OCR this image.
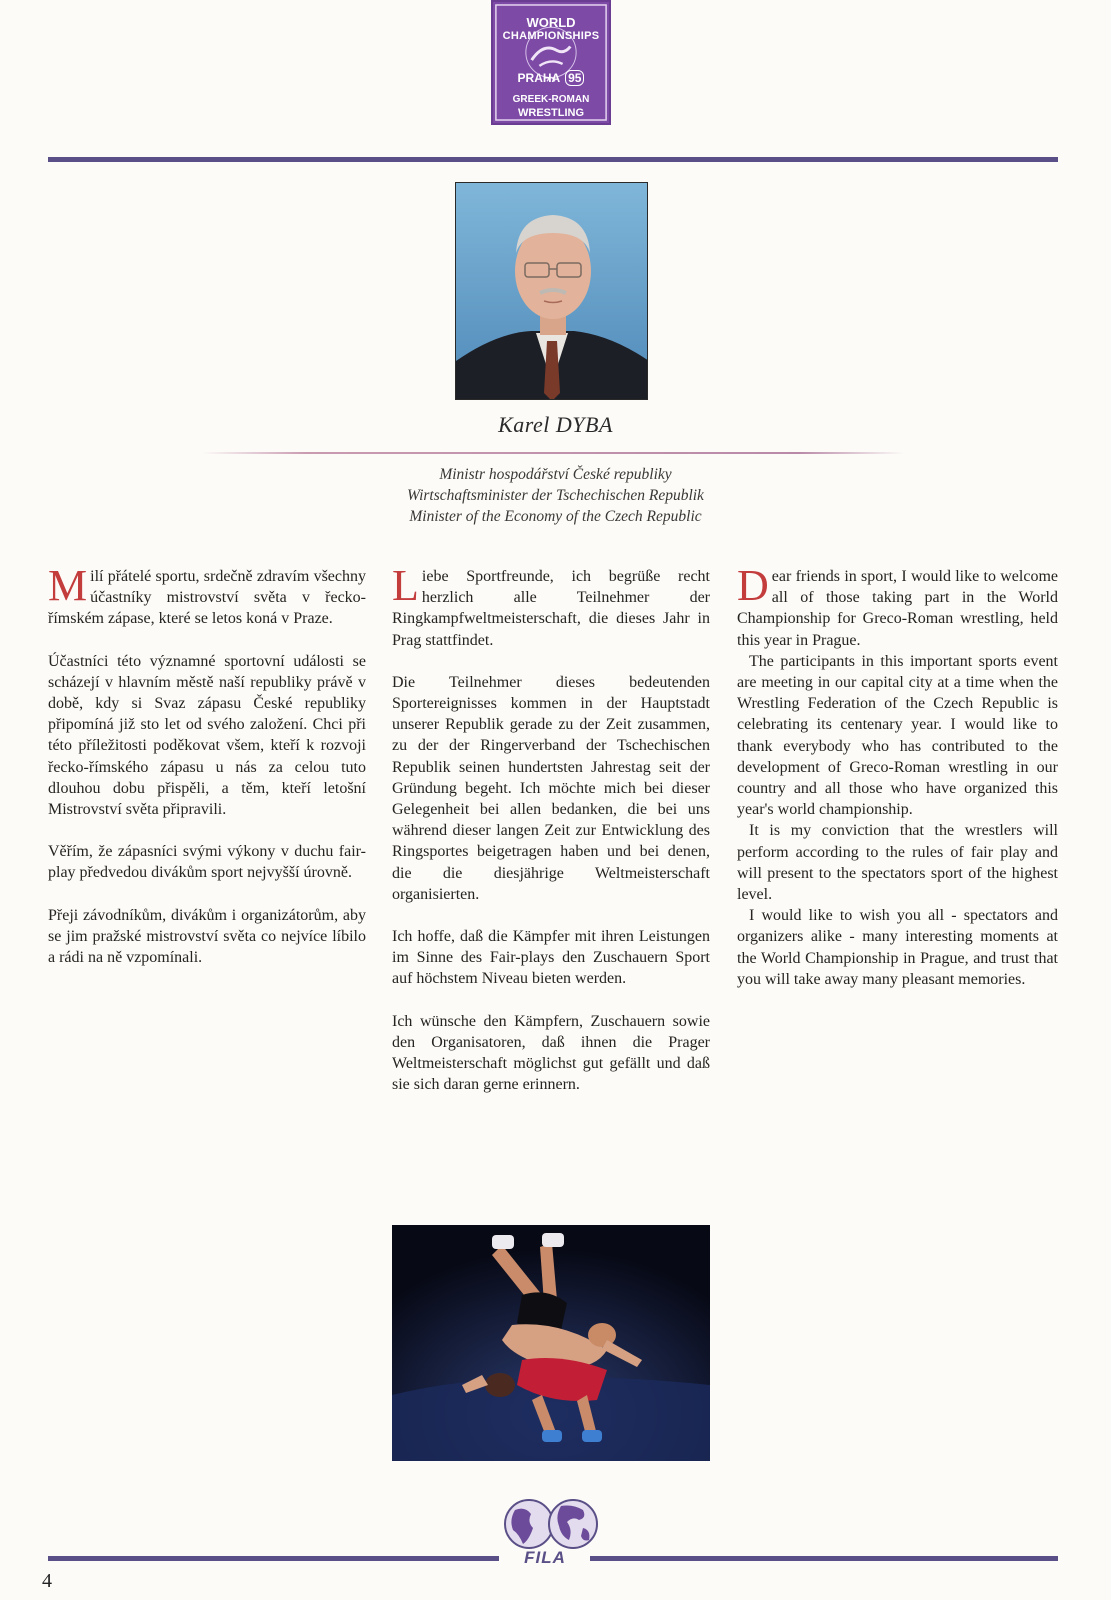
WORLD
CHAMPIONSHIPS
PRAHA 95
GREEK-ROMAN
WRESTLING
Karel DYBA
Ministr hospodářství České republiky
Wirtschaftsminister der Tschechischen Republik
Minister of the Economy of the Czech Republic

Milí přátelé sportu, srdečně zdravím všechny účastníky mistrovství světa v řecko-římském zápase, které se letos koná v Praze.

Účastníci této významné sportovní události se scházejí v hlavním městě naší republiky právě v době, kdy si Svaz zápasu České republiky připomíná již sto let od svého založení. Chci při této příležitosti poděkovat všem, kteří k rozvoji řecko-římského zápasu u nás za celou tuto dlouhou dobu přispěli, a těm, kteří letošní Mistrovství světa připravili.

Věřím, že zápasníci svými výkony v duchu fair-play předvedou divákům sport nejvyšší úrovně.

Přeji závodníkům, divákům i organizátorům, aby se jim pražské mistrovství světa co nejvíce líbilo a rádi na ně vzpomínali.

Liebe Sportfreunde, ich begrüße recht herzlich alle Teilnehmer der Ringkampfweltmeisterschaft, die dieses Jahr in Prag stattfindet.

Die Teilnehmer dieses bedeutenden Sportereignisses kommen in der Hauptstadt unserer Republik gerade zu der Zeit zusammen, zu der der Ringerverband der Tschechischen Republik seinen hundertsten Jahrestag seit der Gründung begeht. Ich möchte mich bei dieser Gelegenheit bei allen bedanken, die bei uns während dieser langen Zeit zur Entwicklung des Ringsportes beigetragen haben und bei denen, die die diesjährige Weltmeisterschaft organisierten.

Ich hoffe, daß die Kämpfer mit ihren Leistungen im Sinne des Fair-plays den Zuschauern Sport auf höchstem Niveau bieten werden.

Ich wünsche den Kämpfern, Zuschauern sowie den Organisatoren, daß ihnen die Prager Weltmeisterschaft möglichst gut gefällt und daß sie sich daran gerne erinnern.

Dear friends in sport, I would like to welcome all of those taking part in the World Championship for Greco-Roman wrestling, held this year in Prague.

The participants in this important sports event are meeting in our capital city at a time when the Wrestling Federation of the Czech Republic is celebrating its centenary year. I would like to thank everybody who has contributed to the development of Greco-Roman wrestling in our country and all those who have organized this year's world championship.

It is my conviction that the wrestlers will perform according to the rules of fair play and will present to the spectators sport of the highest level.

I would like to wish you all - spectators and organizers alike - many interesting moments at the World Championship in Prague, and trust that you will take away many pleasant memories.

FILA
4
